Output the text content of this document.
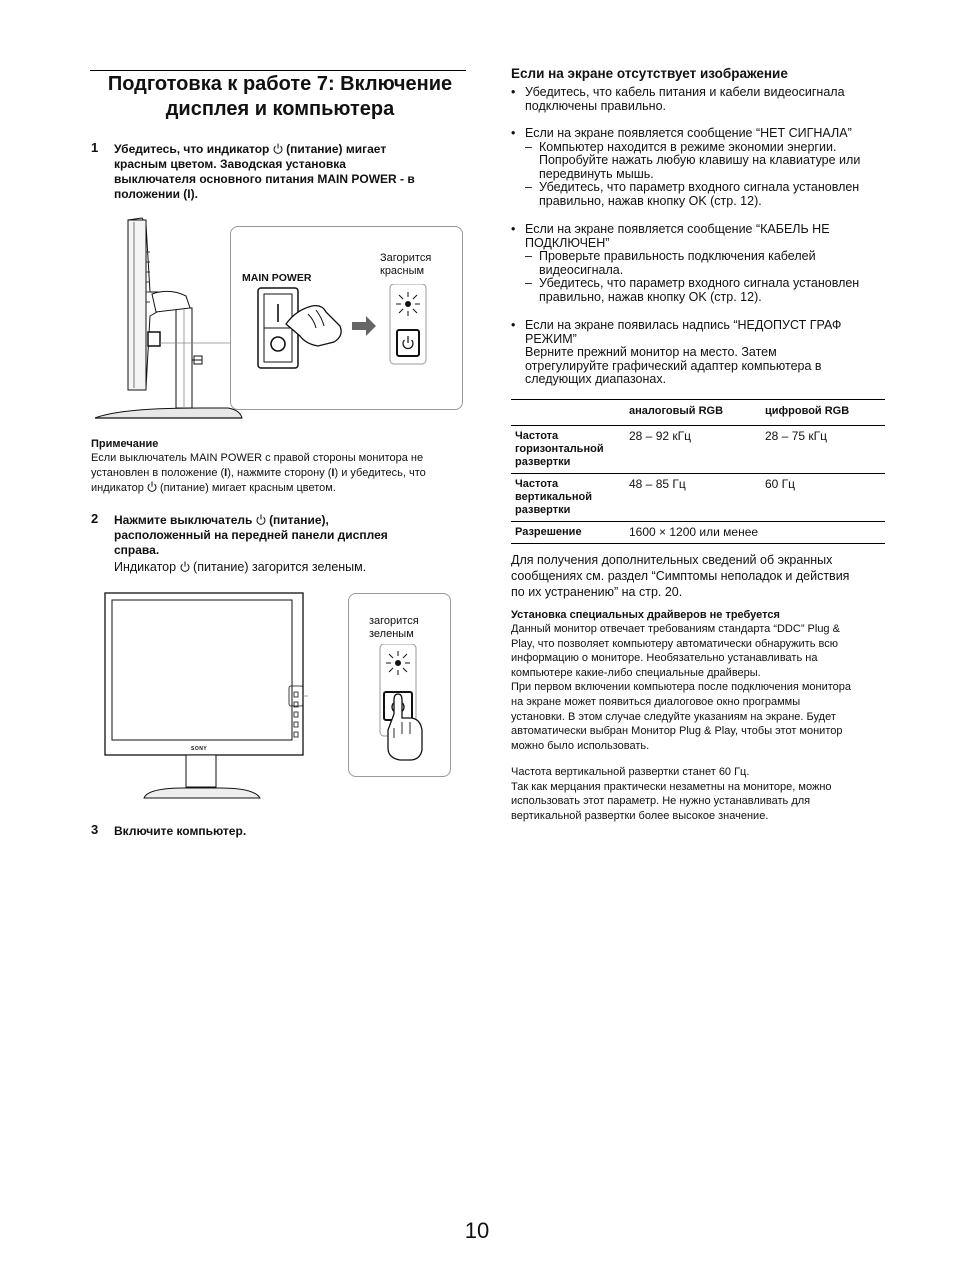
Подготовка к работе 7: Включение
дисплея и компьютера
1 Убедитесь, что индикатор (питание) мигает
красным цветом. Заводская установка
выключателя основного питания MAIN POWER - в
положении (I).
MAIN POWER
Загорится
красным
Примечание
Если выключатель MAIN POWER с правой стороны монитора не
установлен в положение (I), нажмите сторону (I) и убедитесь, что
индикатор (питание) мигает красным цветом.
2 Нажмите выключатель (питание),
расположенный на передней панели дисплея
справа.
Индикатор (питание) загорится зеленым.
SONY
загорится
зеленым
3 Включите компьютер.
Если на экране отсутствует изображение
• Убедитесь, что кабель питания и кабели видеосигнала
подключены правильно.
• Если на экране появляется сообщение “НЕТ СИГНАЛА”
– Компьютер находится в режиме экономии энергии.
Попробуйте нажать любую клавишу на клавиатуре или
передвинуть мышь.
– Убедитесь, что параметр входного сигнала установлен
правильно, нажав кнопку OK (стр. 12).
• Если на экране появляется сообщение “КАБЕЛЬ НЕ
ПОДКЛЮЧЕН”
– Проверьте правильность подключения кабелей
видеосигнала.
– Убедитесь, что параметр входного сигнала установлен
правильно, нажав кнопку OK (стр. 12).
• Если на экране появилась надпись “НЕДОПУСТ ГРАФ
РЕЖИМ”
Верните прежний монитор на место. Затем
отрегулируйте графический адаптер компьютера в
следующих диапазонах.
	аналоговый RGB	цифровой RGB
Частота
горизонтальной
развертки	28 – 92 кГц	28 – 75 кГц
Частота
вертикальной
развертки	48 – 85 Гц	60 Гц
Разрешение	1600 × 1200 или менее	
Для получения дополнительных сведений об экранных
сообщениях см. раздел “Симптомы неполадок и действия
по их устранению” на стр. 20.
Установка специальных драйверов не требуется
Данный монитор отвечает требованиям стандарта “DDC” Plug &
Play, что позволяет компьютеру автоматически обнаружить всю
информацию о мониторе. Необязательно устанавливать на
компьютере какие-либо специальные драйверы.
При первом включении компьютера после подключения монитора
на экране может появиться диалоговое окно программы
установки. В этом случае следуйте указаниям на экране. Будет
автоматически выбран Монитор Plug & Play, чтобы этот монитор
можно было использовать.
Частота вертикальной развертки станет 60 Гц.
Так как мерцания практически незаметны на мониторе, можно
использовать этот параметр. Не нужно устанавливать для
вертикальной развертки более высокое значение.
10
